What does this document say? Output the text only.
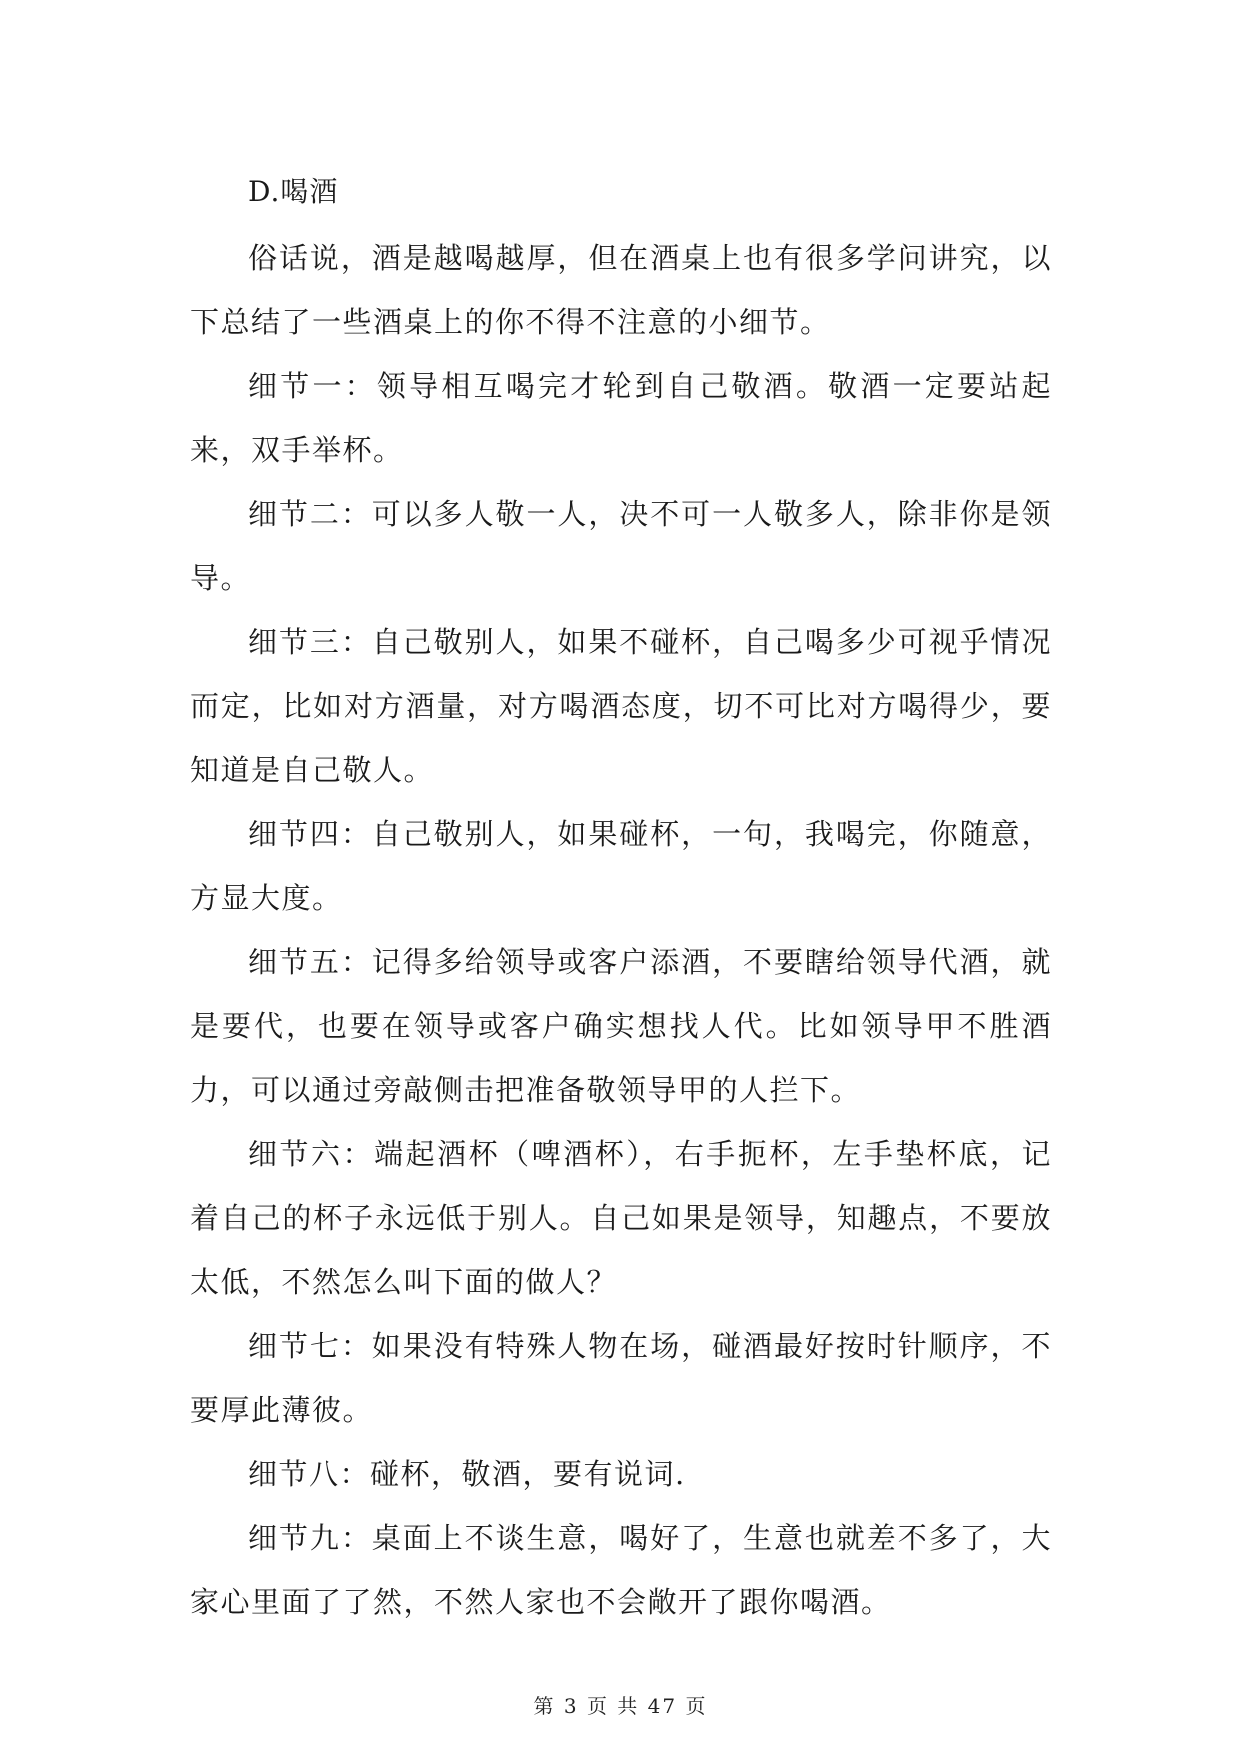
D.喝酒

俗话说，酒是越喝越厚，但在酒桌上也有很多学问讲究，以下总结了一些酒桌上的你不得不注意的小细节。

细节一：领导相互喝完才轮到自己敬酒。敬酒一定要站起来，双手举杯。

细节二：可以多人敬一人，决不可一人敬多人，除非你是领导。

细节三：自己敬别人，如果不碰杯，自己喝多少可视乎情况而定，比如对方酒量，对方喝酒态度，切不可比对方喝得少，要知道是自己敬人。

细节四：自己敬别人，如果碰杯，一句，我喝完，你随意，方显大度。

细节五：记得多给领导或客户添酒，不要瞎给领导代酒，就是要代，也要在领导或客户确实想找人代。比如领导甲不胜酒力，可以通过旁敲侧击把准备敬领导甲的人拦下。

细节六：端起酒杯（啤酒杯），右手扼杯，左手垫杯底，记着自己的杯子永远低于别人。自己如果是领导，知趣点，不要放太低，不然怎么叫下面的做人？

细节七：如果没有特殊人物在场，碰酒最好按时针顺序，不要厚此薄彼。

细节八：碰杯，敬酒，要有说词.

细节九：桌面上不谈生意，喝好了，生意也就差不多了，大家心里面了了然，不然人家也不会敞开了跟你喝酒。

第 3 页 共 47 页
